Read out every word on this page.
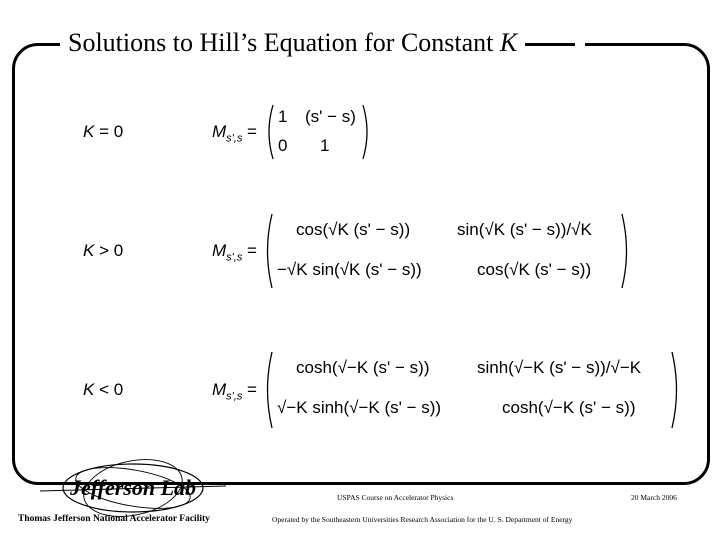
Solutions to Hill’s Equation for Constant K
K = 0	$M_{s',s}$ =
1 (s' − s)
0 1
K > 0	$M_{s',s}$ =
cos(√K (s' − s))	sin(√K (s' − s))/√K
−√K sin(√K (s' − s))	cos(√K (s' − s))
K < 0	$M_{s',s}$ =
cosh(√−K (s' − s))	sinh(√−K (s' − s))/√−K
√−K sinh(√−K (s' − s))	cosh(√−K (s' − s))
Jefferson Lab
Thomas Jefferson National Accelerator Facility
USPAS Course on Accelerator Physics	20 March 2006
Operated by the Southeastern Universities Research Association for the U. S. Department of Energy
